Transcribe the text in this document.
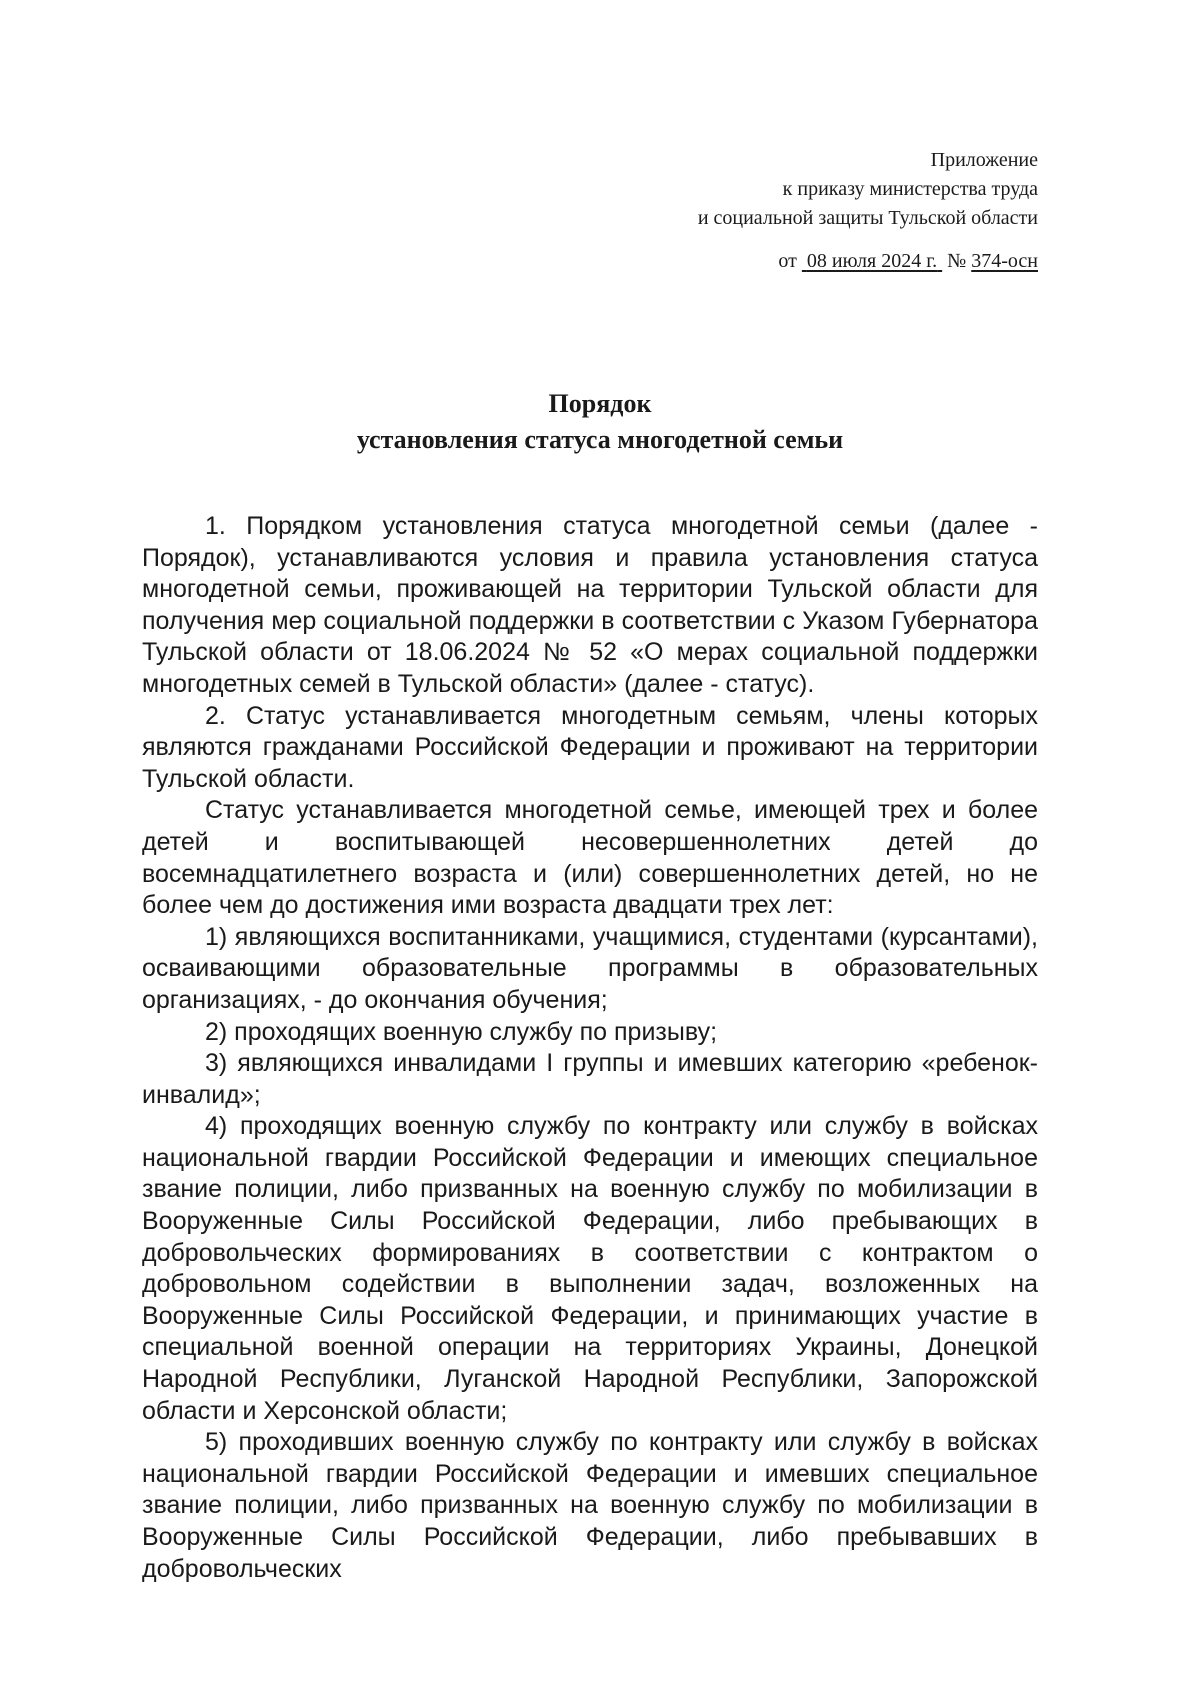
Приложение
к приказу министерства труда
и социальной защиты Тульской области
от 08 июля 2024 г. № 374-осн
Порядок
установления статуса многодетной семьи

1. Порядком установления статуса многодетной семьи (далее - Порядок), устанавливаются условия и правила установления статуса многодетной семьи, проживающей на территории Тульской области для получения мер социальной поддержки в соответствии с Указом Губернатора Тульской области от 18.06.2024 № 52 «О мерах социальной поддержки многодетных семей в Тульской области» (далее - статус).

2. Статус устанавливается многодетным семьям, члены которых являются гражданами Российской Федерации и проживают на территории Тульской области.

Статус устанавливается многодетной семье, имеющей трех и более детей и воспитывающей несовершеннолетних детей до восемнадцатилетнего возраста и (или) совершеннолетних детей, но не более чем до достижения ими возраста двадцати трех лет:

1) являющихся воспитанниками, учащимися, студентами (курсантами), осваивающими образовательные программы в образовательных организациях, - до окончания обучения;

2) проходящих военную службу по призыву;

3) являющихся инвалидами I группы и имевших категорию «ребенок-инвалид»;

4) проходящих военную службу по контракту или службу в войсках национальной гвардии Российской Федерации и имеющих специальное звание полиции, либо призванных на военную службу по мобилизации в Вооруженные Силы Российской Федерации, либо пребывающих в добровольческих формированиях в соответствии с контрактом о добровольном содействии в выполнении задач, возложенных на Вооруженные Силы Российской Федерации, и принимающих участие в специальной военной операции на территориях Украины, Донецкой Народной Республики, Луганской Народной Республики, Запорожской области и Херсонской области;

5) проходивших военную службу по контракту или службу в войсках национальной гвардии Российской Федерации и имевших специальное звание полиции, либо призванных на военную службу по мобилизации в Вооруженные Силы Российской Федерации, либо пребывавших в добровольческих
